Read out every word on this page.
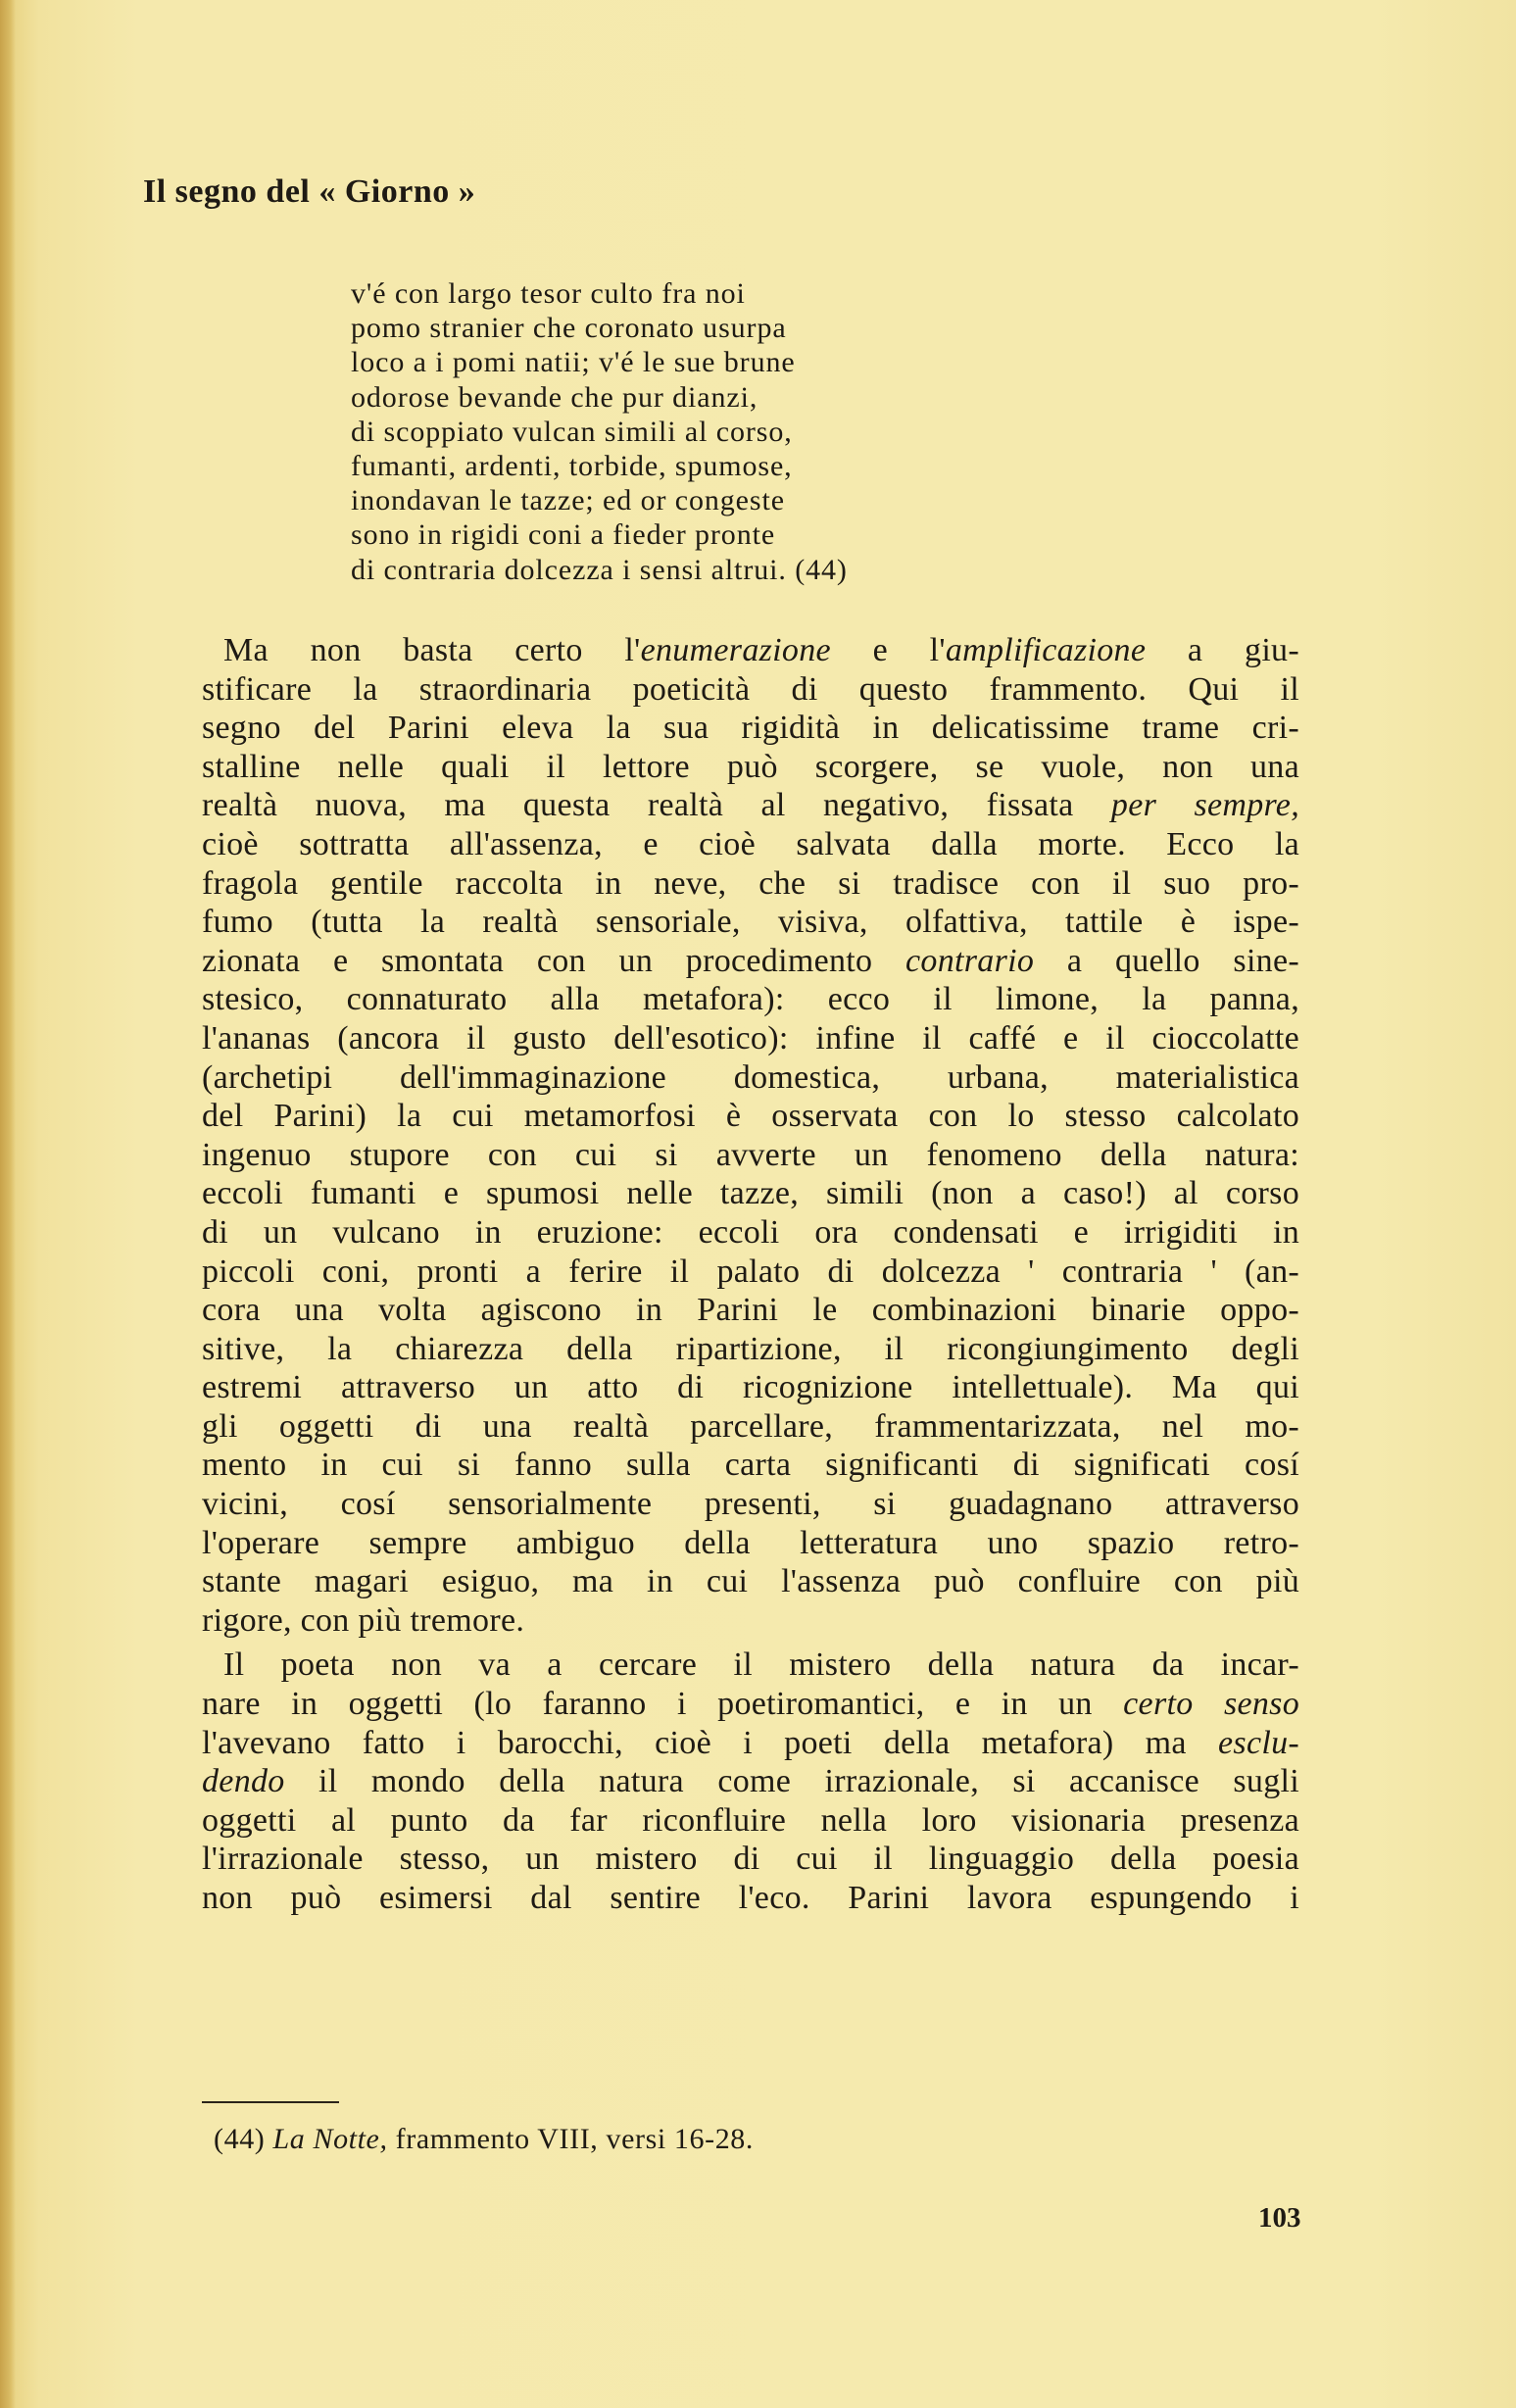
Il segno del « Giorno »
v'é con largo tesor culto fra noi
pomo stranier che coronato usurpa
loco a i pomi natii; v'é le sue brune
odorose bevande che pur dianzi,
di scoppiato vulcan simili al corso,
fumanti, ardenti, torbide, spumose,
inondavan le tazze; ed or congeste
sono in rigidi coni a fieder pronte
di contraria dolcezza i sensi altrui. (44)
Ma non basta certo l'enumerazione e l'amplificazione a giu-
stificare la straordinaria poeticità di questo frammento. Qui il
segno del Parini eleva la sua rigidità in delicatissime trame cri-
stalline nelle quali il lettore può scorgere, se vuole, non una
realtà nuova, ma questa realtà al negativo, fissata per sempre,
cioè sottratta all'assenza, e cioè salvata dalla morte. Ecco la
fragola gentile raccolta in neve, che si tradisce con il suo pro-
fumo (tutta la realtà sensoriale, visiva, olfattiva, tattile è ispe-
zionata e smontata con un procedimento contrario a quello sine-
stesico, connaturato alla metafora): ecco il limone, la panna,
l'ananas (ancora il gusto dell'esotico): infine il caffé e il cioccolatte
(archetipi dell'immaginazione domestica, urbana, materialistica
del Parini) la cui metamorfosi è osservata con lo stesso calcolato
ingenuo stupore con cui si avverte un fenomeno della natura:
eccoli fumanti e spumosi nelle tazze, simili (non a caso!) al corso
di un vulcano in eruzione: eccoli ora condensati e irrigiditi in
piccoli coni, pronti a ferire il palato di dolcezza ' contraria ' (an-
cora una volta agiscono in Parini le combinazioni binarie oppo-
sitive, la chiarezza della ripartizione, il ricongiungimento degli
estremi attraverso un atto di ricognizione intellettuale). Ma qui
gli oggetti di una realtà parcellare, frammentarizzata, nel mo-
mento in cui si fanno sulla carta significanti di significati cosí
vicini, cosí sensorialmente presenti, si guadagnano attraverso
l'operare sempre ambiguo della letteratura uno spazio retro-
stante magari esiguo, ma in cui l'assenza può confluire con più
rigore, con più tremore.
Il poeta non va a cercare il mistero della natura da incar-
nare in oggetti (lo faranno i poetiromantici, e in un certo senso
l'avevano fatto i barocchi, cioè i poeti della metafora) ma esclu-
dendo il mondo della natura come irrazionale, si accanisce sugli
oggetti al punto da far riconfluire nella loro visionaria presenza
l'irrazionale stesso, un mistero di cui il linguaggio della poesia
non può esimersi dal sentire l'eco. Parini lavora espungendo i
(44) La Notte, frammento VIII, versi 16-28.
103
